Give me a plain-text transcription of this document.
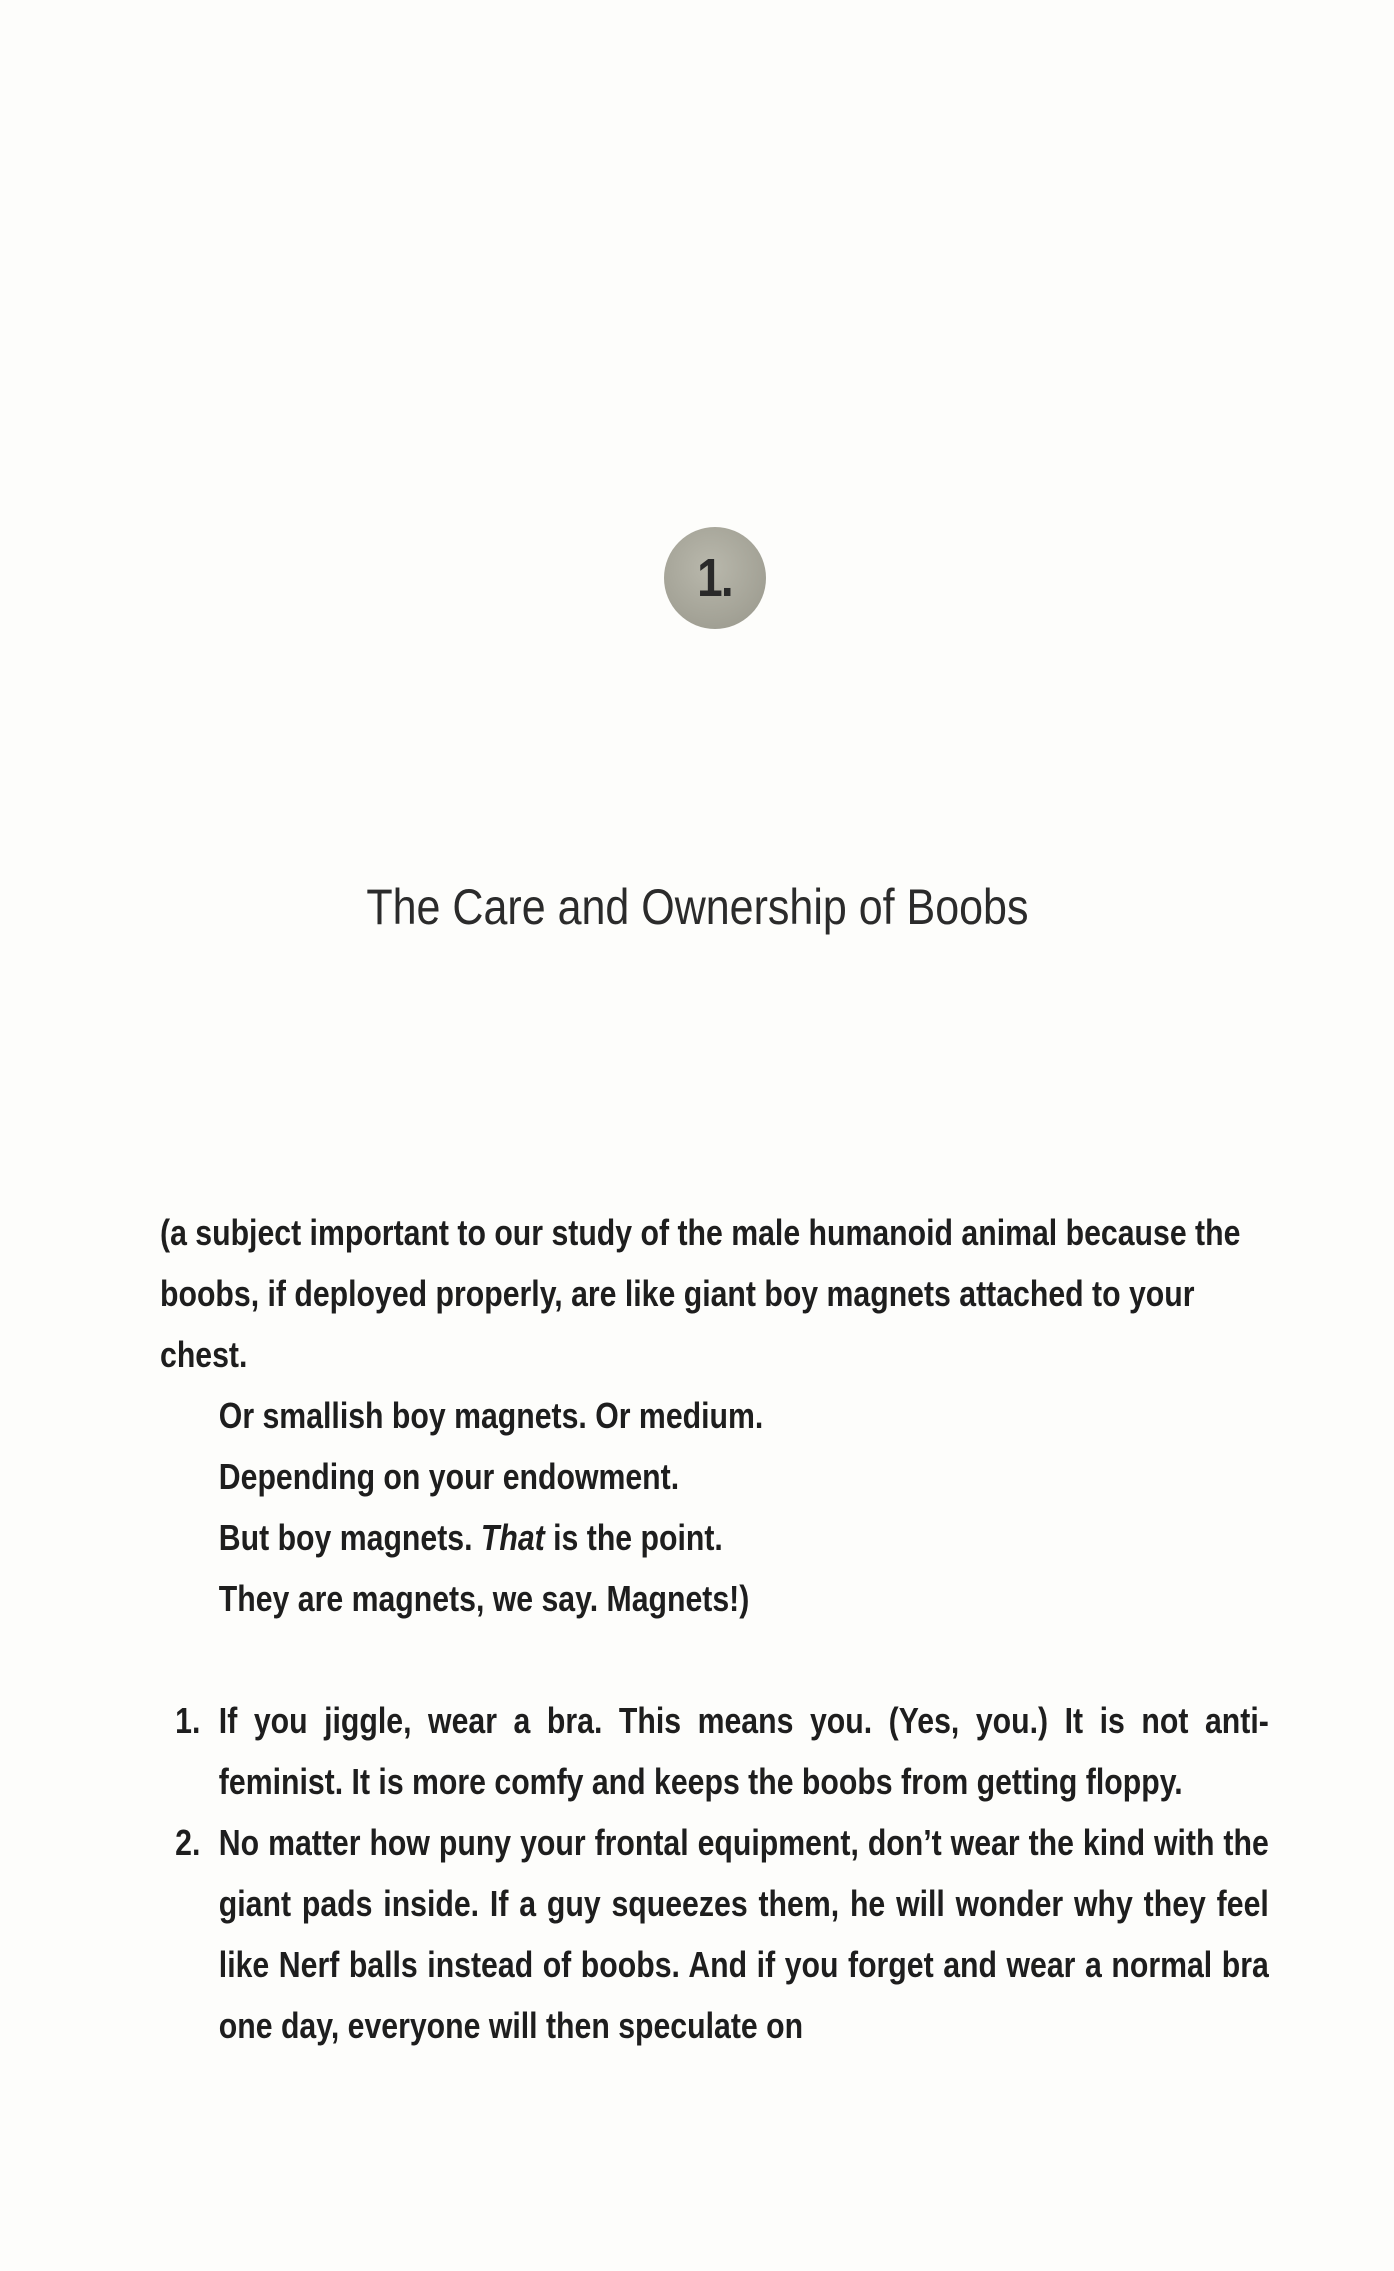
1.
The Care and Ownership of Boobs

(a subject important to our study of the male humanoid animal because the boobs, if deployed properly, are like giant boy magnets attached to your chest.

Or smallish boy magnets. Or medium.

Depending on your endowment.

But boy magnets. That is the point.

They are magnets, we say. Magnets!)

1. If you jiggle, wear a bra. This means you. (Yes, you.) It is not anti-feminist. It is more comfy and keeps the boobs from getting floppy.
2. No matter how puny your frontal equipment, don’t wear the kind with the giant pads inside. If a guy squeezes them, he will wonder why they feel like Nerf balls instead of boobs. And if you forget and wear a normal bra one day, everyone will then speculate on
